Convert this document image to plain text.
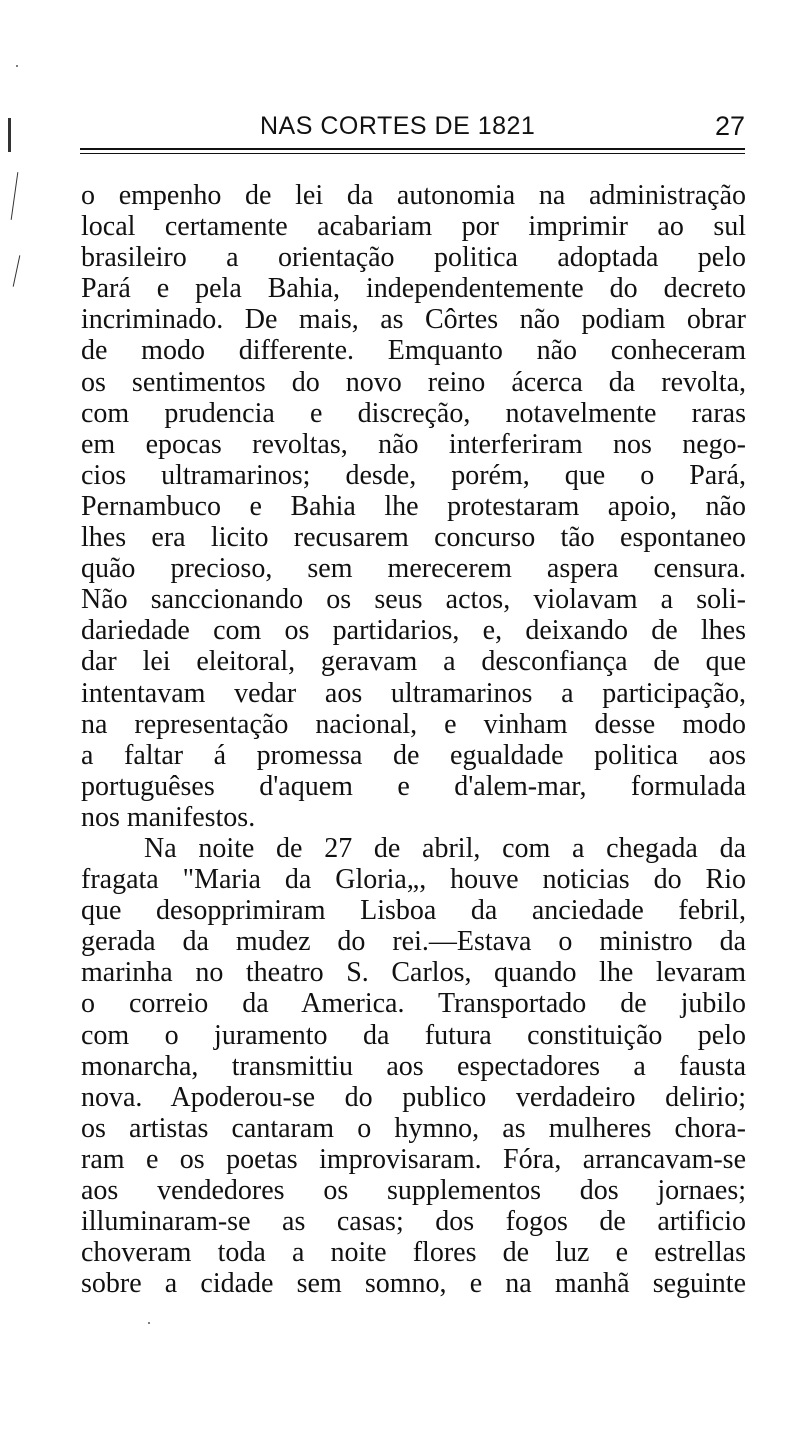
NAS CORTES DE 1821	27
o empenho de lei da autonomia na administração
local certamente acabariam por imprimir ao sul
brasileiro a orientação politica adoptada pelo
Pará e pela Bahia, independentemente do decreto
incriminado. De mais, as Côrtes não podiam obrar
de modo differente. Emquanto não conheceram
os sentimentos do novo reino ácerca da revolta,
com prudencia e discreção, notavelmente raras
em epocas revoltas, não interferiram nos nego-
cios ultramarinos; desde, porém, que o Pará,
Pernambuco e Bahia lhe protestaram apoio, não
lhes era licito recusarem concurso tão espontaneo
quão precioso, sem merecerem aspera censura.
Não sanccionando os seus actos, violavam a soli-
dariedade com os partidarios, e, deixando de lhes
dar lei eleitoral, geravam a desconfiança de que
intentavam vedar aos ultramarinos a participação,
na representação nacional, e vinham desse modo
a faltar á promessa de egualdade politica aos
portuguêses d'aquem e d'alem-mar, formulada
nos manifestos.
Na noite de 27 de abril, com a chegada da
fragata "Maria da Gloria„, houve noticias do Rio
que desopprimiram Lisboa da anciedade febril,
gerada da mudez do rei.—Estava o ministro da
marinha no theatro S. Carlos, quando lhe levaram
o correio da America. Transportado de jubilo
com o juramento da futura constituição pelo
monarcha, transmittiu aos espectadores a fausta
nova. Apoderou-se do publico verdadeiro delirio;
os artistas cantaram o hymno, as mulheres chora-
ram e os poetas improvisaram. Fóra, arrancavam-se
aos vendedores os supplementos dos jornaes;
illuminaram-se as casas; dos fogos de artificio
choveram toda a noite flores de luz e estrellas
sobre a cidade sem somno, e na manhã seguinte
